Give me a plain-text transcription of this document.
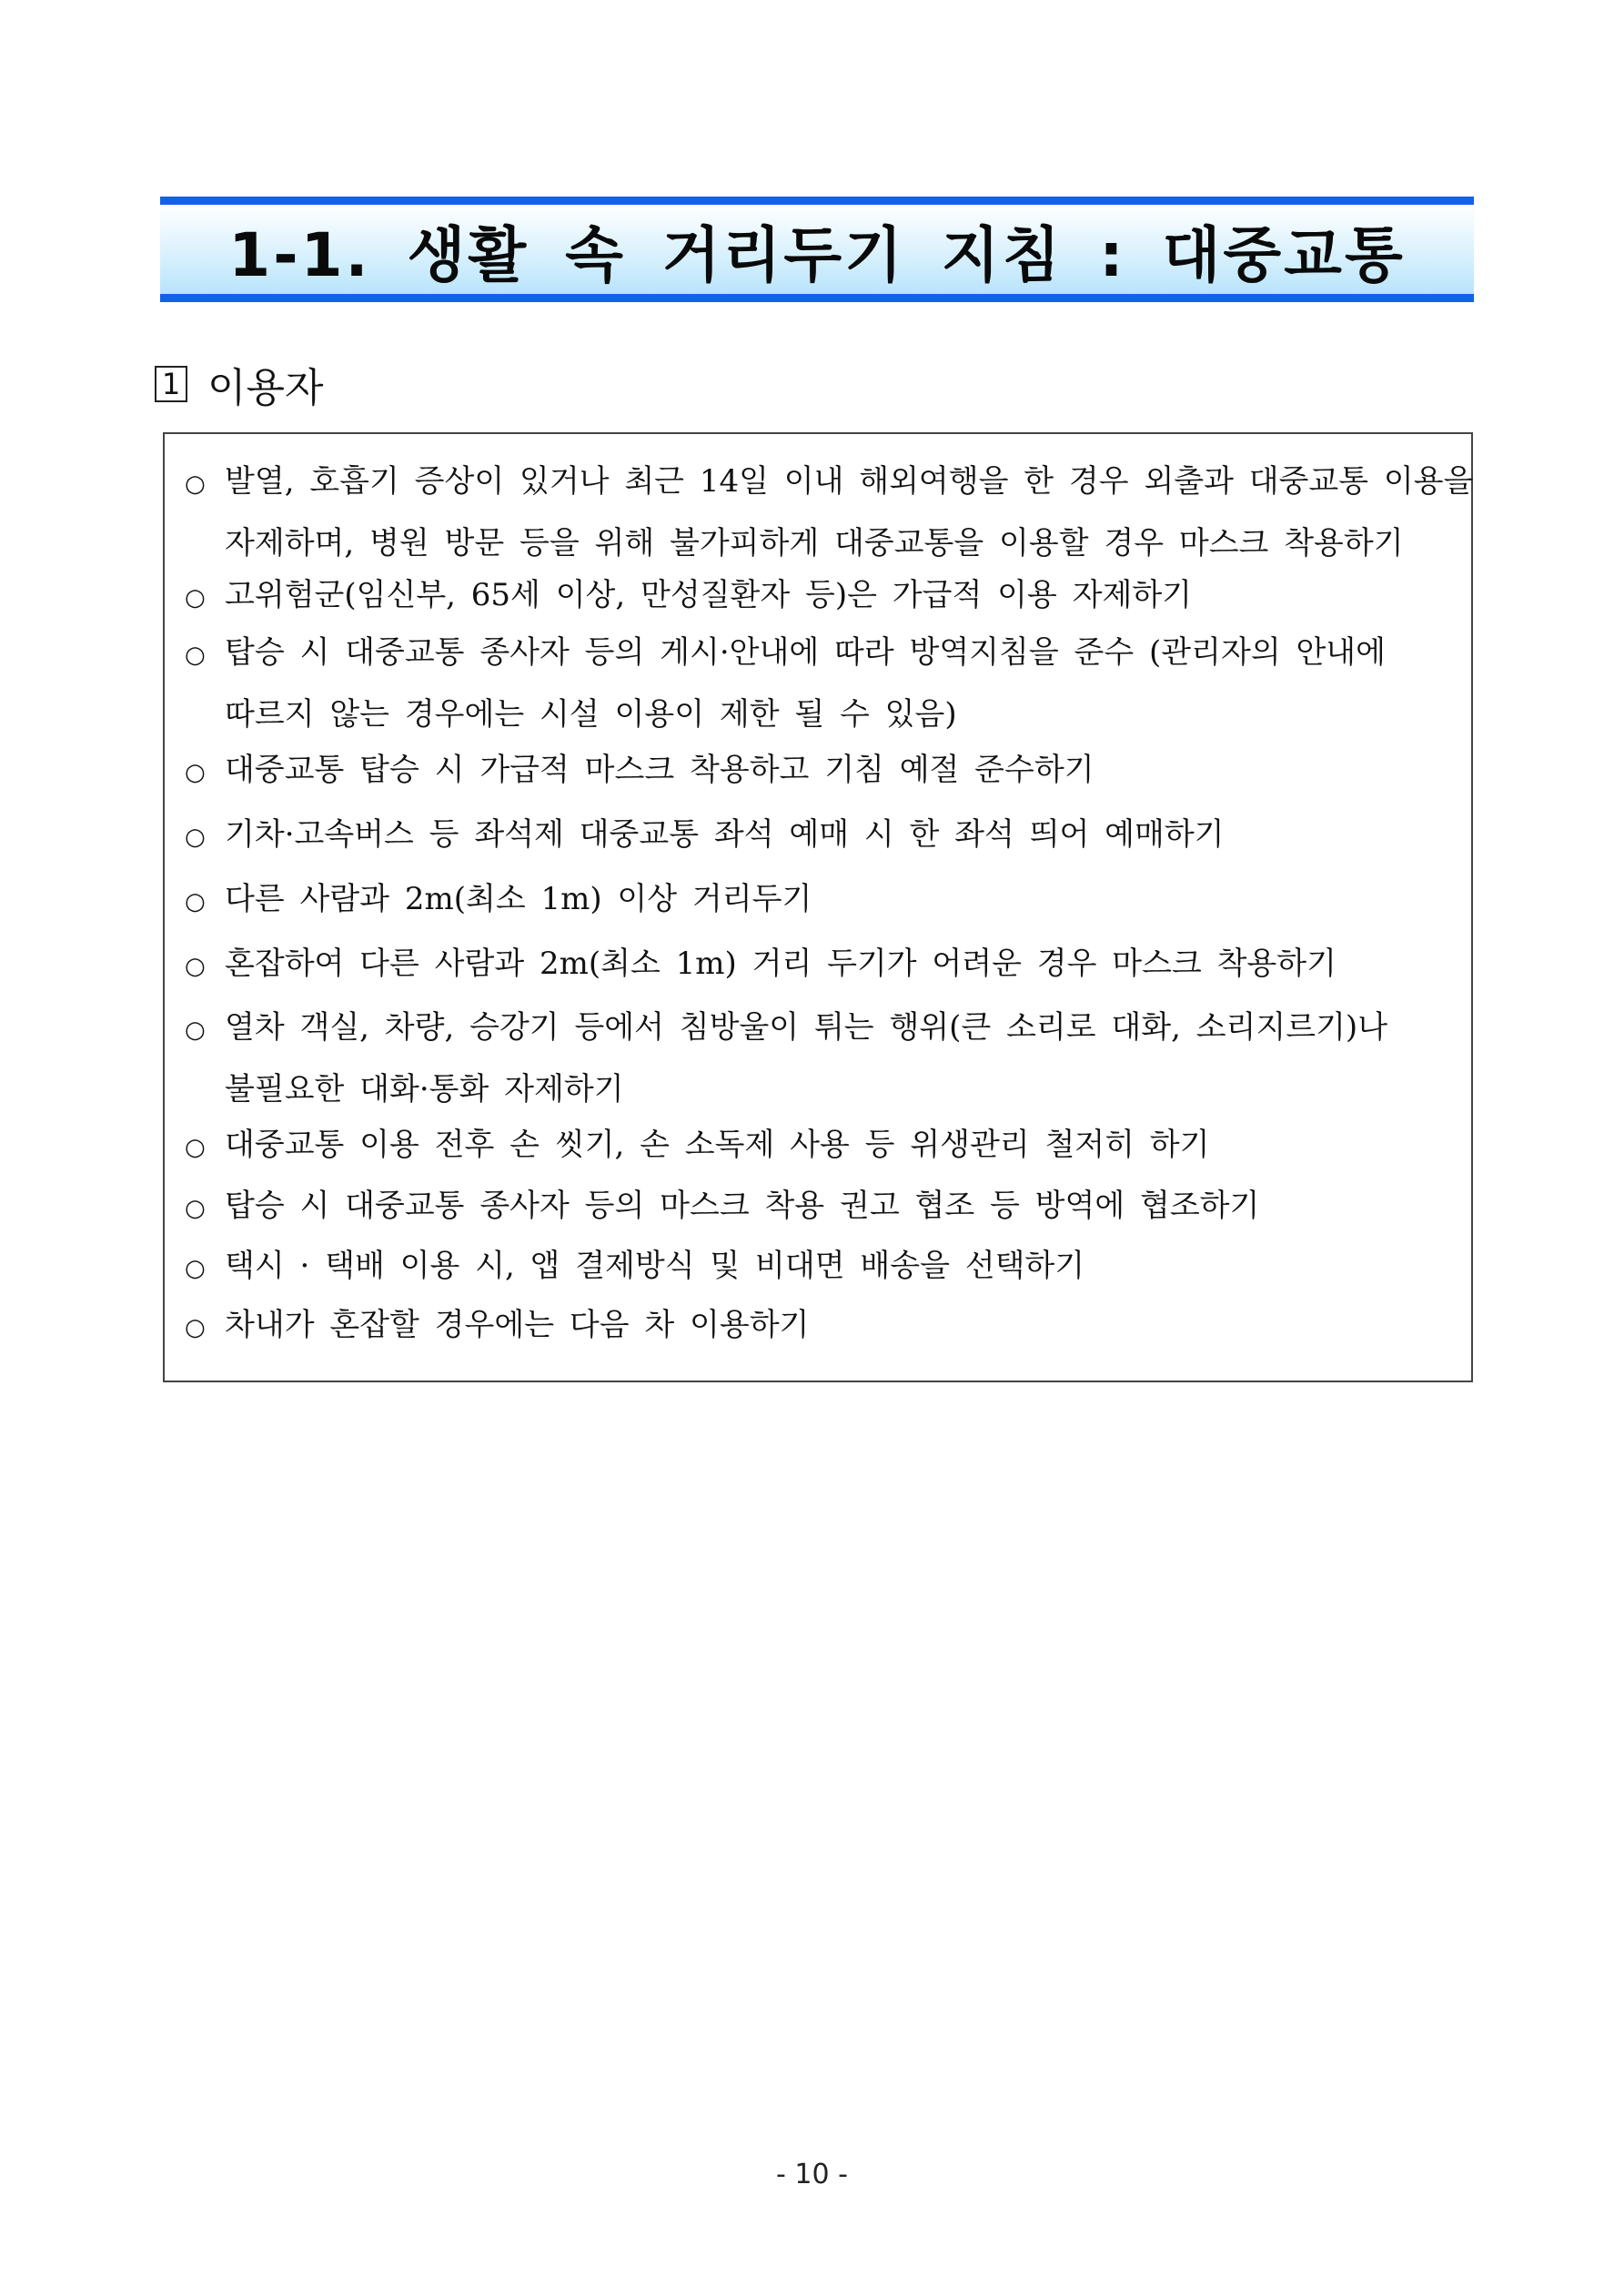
1-1. 생활 속 거리두기 지침 : 대중교통
1 이용자
○ 발열, 호흡기 증상이 있거나 최근 14일 이내 해외여행을 한 경우 외출과 대중교통 이용을
자제하며, 병원 방문 등을 위해 불가피하게 대중교통을 이용할 경우 마스크 착용하기
○ 고위험군(임신부, 65세 이상, 만성질환자 등)은 가급적 이용 자제하기
○ 탑승 시 대중교통 종사자 등의 게시·안내에 따라 방역지침을 준수 (관리자의 안내에
따르지 않는 경우에는 시설 이용이 제한 될 수 있음)
○ 대중교통 탑승 시 가급적 마스크 착용하고 기침 예절 준수하기
○ 기차·고속버스 등 좌석제 대중교통 좌석 예매 시 한 좌석 띄어 예매하기
○ 다른 사람과 2m(최소 1m) 이상 거리두기
○ 혼잡하여 다른 사람과 2m(최소 1m) 거리 두기가 어려운 경우 마스크 착용하기
○ 열차 객실, 차량, 승강기 등에서 침방울이 튀는 행위(큰 소리로 대화, 소리지르기)나
불필요한 대화·통화 자제하기
○ 대중교통 이용 전후 손 씻기, 손 소독제 사용 등 위생관리 철저히 하기
○ 탑승 시 대중교통 종사자 등의 마스크 착용 권고 협조 등 방역에 협조하기
○ 택시 · 택배 이용 시, 앱 결제방식 및 비대면 배송을 선택하기
○ 차내가 혼잡할 경우에는 다음 차 이용하기
- 10 -
